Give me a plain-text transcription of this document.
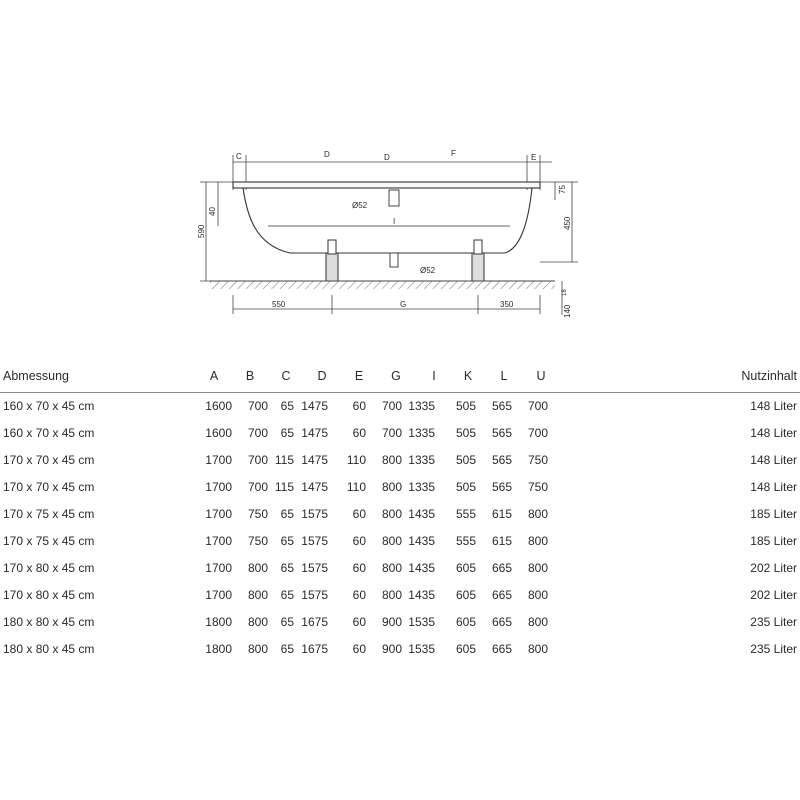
C	D	D	F	E
Ø52
I
Ø52
550	G	350
590
40
75
450
140
18
Abmessung	A	B	C	D	E	G	I	K	L	U	Nutzinhalt
160 x 70 x 45 cm	1600	700	65 1475	60	700 1335	505	565	700	148 Liter
160 x 70 x 45 cm	1600	700	65 1475	60	700 1335	505	565	700	148 Liter
170 x 70 x 45 cm	1700	700 115 1475	110	800 1335	505	565	750	148 Liter
170 x 70 x 45 cm	1700	700 115 1475	110	800 1335	505	565	750	148 Liter
170 x 75 x 45 cm	1700	750	65 1575	60	800 1435	555	615	800	185 Liter
170 x 75 x 45 cm	1700	750	65 1575	60	800 1435	555	615	800	185 Liter
170 x 80 x 45 cm	1700	800	65 1575	60	800 1435	605	665	800	202 Liter
170 x 80 x 45 cm	1700	800	65 1575	60	800 1435	605	665	800	202 Liter
180 x 80 x 45 cm	1800	800	65 1675	60	900 1535	605	665	800	235 Liter
180 x 80 x 45 cm	1800	800	65 1675	60	900 1535	605	665	800	235 Liter
